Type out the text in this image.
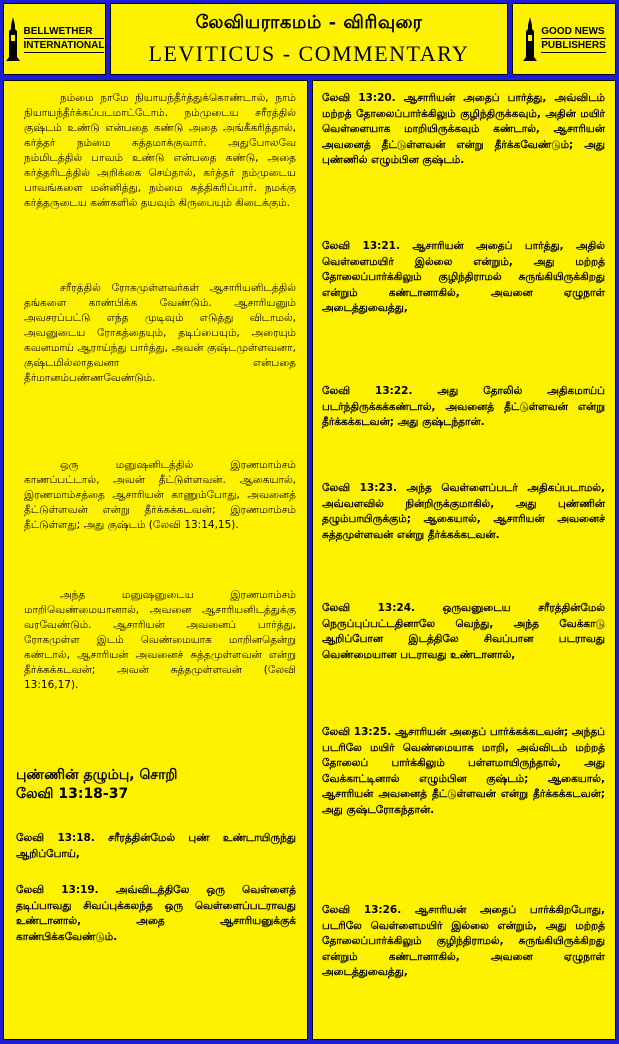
BELLWETHER
INTERNATIONAL
லேவியராகமம் - விரிவுரை
LEVITICUS - COMMENTARY
GOOD NEWS
PUBLISHERS

நம்மை நாமே நியாயந்தீர்த்துக்கொண்டால், நாம் நியாயந்தீர்க்கப்படமாட்டோம். நம்முடைய சரீரத்தில் குஷ்டம் உண்டு என்பதை கண்டு அதை அங்கீகரித்தால், கர்த்தர் நம்மை சுத்தமாக்குவார். அதுபோலவே நம்மிடத்தில் பாவம் உண்டு என்பதை கண்டு, அதை கர்த்தரிடத்தில் அறிக்கை செய்தால், கர்த்தர் நம்முடைய பாவங்களை மன்னித்து, நம்மை சுத்திகரிப்பார். நமக்கு கர்த்தருடைய கண்களில் தயவும் கிருபையும் கிடைக்கும்.

சரீரத்தில் ரோகமுள்ளவர்கள் ஆசாரியனிடத்தில் தங்களை காண்பிக்க வேண்டும். ஆசாரியனும் அவசரப்பட்டு எந்த முடிவும் எடுத்து விடாமல், அவனுடைய ரோகத்தையும், தடிப்பையும், அரையும் கவனமாய் ஆராய்ந்து பார்த்து, அவன் குஷ்டமுள்ளவனா, குஷ்டமில்லாதவனா என்பதை தீர்மானம்பண்ணவேண்டும்.

ஒரு மனுஷனிடத்தில் இரணமாம்சம் காணப்பட்டால், அவன் தீட்டுள்ளவன். ஆகையால், இரணமாம்சத்தை ஆசாரியன் காணும்போது, அவனைத் தீட்டுள்ளவன் என்று தீர்க்கக்கடவன்; இரணமாம்சம் தீட்டுள்ளது; அது குஷ்டம் (லேவி 13:14,15).

அந்த மனுஷனுடைய இரணமாம்சம் மாறிவெண்மையானால், அவனை ஆசாரியனிடத்துக்கு வரவேண்டும். ஆசாரியன் அவனைப் பார்த்து, ரோகமுள்ள இடம் வெண்மையாக மாறினதென்று கண்டால், ஆசாரியன் அவனைச் சுத்தமுள்ளவன் என்று தீர்க்கக்கடவன்; அவன் சுத்தமுள்ளவன் (லேவி 13:16,17).

புண்ணின் தழும்பு, சொறி
லேவி 13:18-37

லேவி 13:18. சரீரத்தின்மேல் புண் உண்டாயிருந்து ஆறிப்போய்,

லேவி 13:19. அவ்விடத்திலே ஒரு வெள்ளைத் தடிப்பாவது சிவப்புக்கலந்த ஒரு வெள்ளைப்படராவது உண்டானால், அதை ஆசாரியனுக்குக் காண்பிக்கவேண்டும்.

லேவி 13:20. ஆசாரியன் அதைப் பார்த்து, அவ்விடம் மற்றத் தோலைப்பார்க்கிலும் குழிந்திருக்கவும், அதின் மயிர் வெள்ளையாக மாறியிருக்கவும் கண்டால், ஆசாரியன் அவனைத் தீட்டுள்ளவன் என்று தீர்க்கவேண்டும்; அது புண்ணில் எழும்பின குஷ்டம்.

லேவி 13:21. ஆசாரியன் அதைப் பார்த்து, அதில் வெள்ளைமயிர் இல்லை என்றும், அது மற்றத் தோலைப்பார்க்கிலும் குழிந்திராமல் சுருங்கியிருக்கிறது என்றும் கண்டானாகில், அவனை ஏழுநாள் அடைத்துவைத்து,

லேவி 13:22. அது தோலில் அதிகமாய்ப் படர்ந்திருக்கக்கண்டால், அவனைத் தீட்டுள்ளவன் என்று தீர்க்கக்கடவன்; அது குஷ்டந்தான்.

லேவி 13:23. அந்த வெள்ளைப்படர் அதிகப்படாமல், அவ்வளவில் நின்றிருக்குமாகில், அது புண்ணின் தழும்பாயிருக்கும்; ஆகையால், ஆசாரியன் அவனைச் சுத்தமுள்ளவன் என்று தீர்க்கக்கடவன்.

லேவி 13:24. ஒருவனுடைய சரீரத்தின்மேல் நெருப்புப்பட்டதினாலே வெந்து, அந்த வேக்காடு ஆறிப்போன இடத்திலே சிவப்பான படராவது வெண்மையான படராவது உண்டானால்,

லேவி 13:25. ஆசாரியன் அதைப் பார்க்கக்கடவன்; அந்தப் படரிலே மயிர் வெண்மையாக மாறி, அவ்விடம் மற்றத் தோலைப் பார்க்கிலும் பள்ளமாயிருந்தால், அது வேக்காட்டினால் எழும்பின குஷ்டம்; ஆகையால், ஆசாரியன் அவனைத் தீட்டுள்ளவன் என்று தீர்க்கக்கடவன்; அது குஷ்டரோகந்தான்.

லேவி 13:26. ஆசாரியன் அதைப் பார்க்கிறபோது, படரிலே வெள்ளைமயிர் இல்லை என்றும், அது மற்றத் தோலைப்பார்க்கிலும் குழிந்திராமல், சுருங்கியிருக்கிறது என்றும் கண்டானாகில், அவனை ஏழுநாள் அடைத்துவைத்து,
